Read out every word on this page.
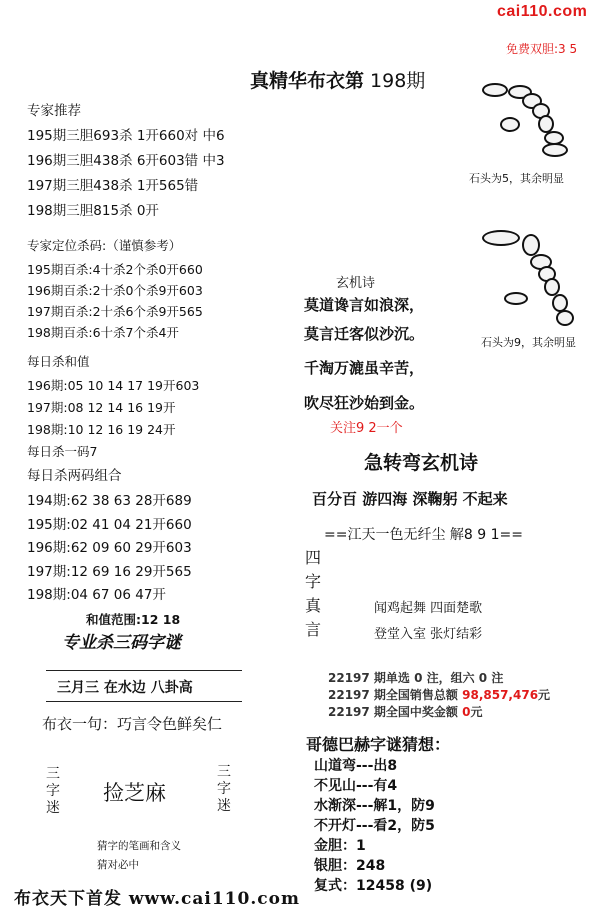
cai110.com
免费双胆:3 5
真精华布衣第 198期
专家推荐
195期三胆693杀 1开660对 中6
196期三胆438杀 6开603错 中3
197期三胆438杀 1开565错
198期三胆815杀 0开
专家定位杀码:（谨慎参考）
195期百杀:4十杀2个杀0开660
196期百杀:2十杀0个杀9开603
197期百杀:2十杀6个杀9开565
198期百杀:6十杀7个杀4开
每日杀和值
196期:05 10 14 17 19开603
197期:08 12 14 16 19开
198期:10 12 16 19 24开
每日杀一码7
每日杀两码组合
194期:62 38 63 28开689
195期:02 41 04 21开660
196期:62 09 60 29开603
197期:12 69 16 29开565
198期:04 67 06 47开
和值范围:12 18
石头为5，其余明显
石头为9，其余明显
玄机诗
莫道谗言如浪深，
莫言迁客似沙沉。
千淘万漉虽辛苦，
吹尽狂沙始到金。
关注9 2一个
急转弯玄机诗
百分百 游四海 深鞠躬 不起来
==江天一色无纤尘 解8 9 1==
四
字
真
言
闻鸡起舞 四面楚歌
登堂入室 张灯结彩
22197 期单选 0 注，组六 0 注
22197 期全国销售总额 98,857,476元
22197 期全国中奖金额 0元
专业杀三码字谜
三月三 在水边 八卦高
布衣一句：巧言令色鲜矣仁
三字迷
捡芝麻
三字迷
猜字的笔画和含义
猜对必中
哥德巴赫字谜猜想：
山道弯---出8
不见山---有4
水渐深---解1，防9
不开灯---看2，防5
金胆：1
银胆：248
复式：12458 (9)
布衣天下首发 www.cai110.com
